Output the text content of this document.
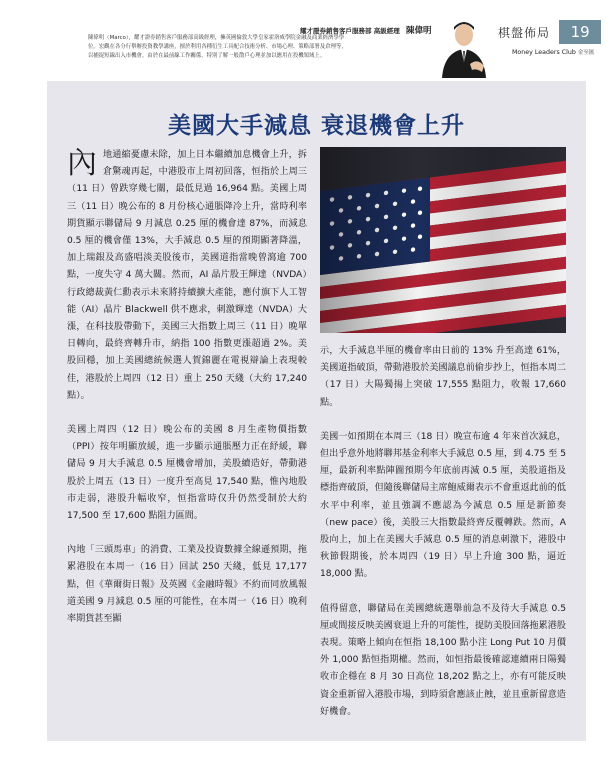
耀才證券銷售客戶服務部 高級經理 陳偉明
陳偉明（Marco），耀才證券銷售客戶服務部高級經理，擁英國倫敦大學皇家霍洛威學院金融及商業經濟學學
位。宏觀在各分行舉辦投資教學講座，擅於利用各種衍生工具配合技術分析、市場心理、策略部署及倉理等，
以捕捉短線出入市機會。由於在最前線工作關係，特別了解一般散戶心理並加以應用在投機領域上。
棋盤佈局 19
Money Leaders Club 金至匯
美國大手減息 衰退機會上升

內 地通縮憂慮未除，加上日本繼續加息機會上升，拆倉驚魂再起，中港股市上周初回落，恒指於上周三（11 日）曾跌穿幾七關，最低見過 16,964 點。美國上周三（11 日）晚公布的 8 月份核心通脹降冷上升，當時利率期貨顯示聯儲局 9 月減息 0.25 厘的機會達 87%，而減息 0.5 厘的機會僅 13%，大手減息 0.5 厘的預期顯著降溫，加上瑞銀及高盛唱淡美股後市，美國道指當晚曾瀉逾 700 點，一度失守 4 萬大關。然而，AI 晶片股王輝達（NVDA）行政總裁黃仁勳表示未來將持續擴大產能，應付旗下人工智能（AI）晶片 Blackwell 供不應求，刺激輝達（NVDA）大漲，在科技股帶動下，美國三大指數上周三（11 日）晚單日轉向，最終齊轉升市，納指 100 指數更漲超過 2%。美股回穩，加上美國總統候選人賀錦麗在電視辯論上表現較佳，港股於上周四（12 日）重上 250 天綫（大約 17,240 點）。

美國上周四（12 日）晚公布的美國 8 月生產物價指數（PPI）按年明顯放緩，進一步顯示通脹壓力正在紓緩，聯儲局 9 月大手減息 0.5 厘機會增加，美股續造好，帶動港股於上周五（13 日）一度升至高見 17,540 點，惟內地股市走弱，港股升幅收窄，恒指當時仅升仍然受制於大約 17,500 至 17,600 點阻力區間。

內地「三頭馬車」的消費、工業及投資數據全線遜預期，拖累港股在本周一（16 日）回試 250 天綫，低見 17,177 點，但《華爾街日報》及英國《金融時報》不約而同放風報道美國 9 月減息 0.5 厘的可能性，在本周一（16 日）晚利率期貨甚至顯

示，大手減息半厘的機會率由日前的 13% 升至高達 61%，美國道指破頂，帶動港股於美國議息前偷步抄上，恒指本周二（17 日）大陽獨揚上突破 17,555 點阻力，收報 17,660 點。

美國一如預期在本周三（18 日）晚宣布逾 4 年來首次減息，但出乎意外地將聯邦基金利率大手減息 0.5 厘，到 4.75 至 5 厘，最新利率點陣圖預期今年底前再減 0.5 厘，美股道指及標指齊破頂，但隨後聯儲局主席鮑威爾表示不會重返此前的低水平中利率，並且強調不應認為今減息 0.5 厘是新節奏（new pace）後，美股三大指數最終齊反覆轉跌。然而，A 股向上，加上在美國大手減息 0.5 厘的消息刺激下，港股中秋節假期後，於本周四（19 日）早上升逾 300 點，逼近 18,000 點。

值得留意，聯儲局在美國總統選舉前急不及待大手減息 0.5 厘或間接反映美國衰退上升的可能性，提防美股回落拖累港股表現。策略上傾向在恒指 18,100 點小注 Long Put 10 月價外 1,000 點恒指期權。然而，如恒指最後確認連續兩日陽獨收市企穩在 8 月 30 日高位 18,202 點之上，亦有可能反映資金重新留入港股市場，到時須倉應該止蝕，並且重新留意造好機會。
